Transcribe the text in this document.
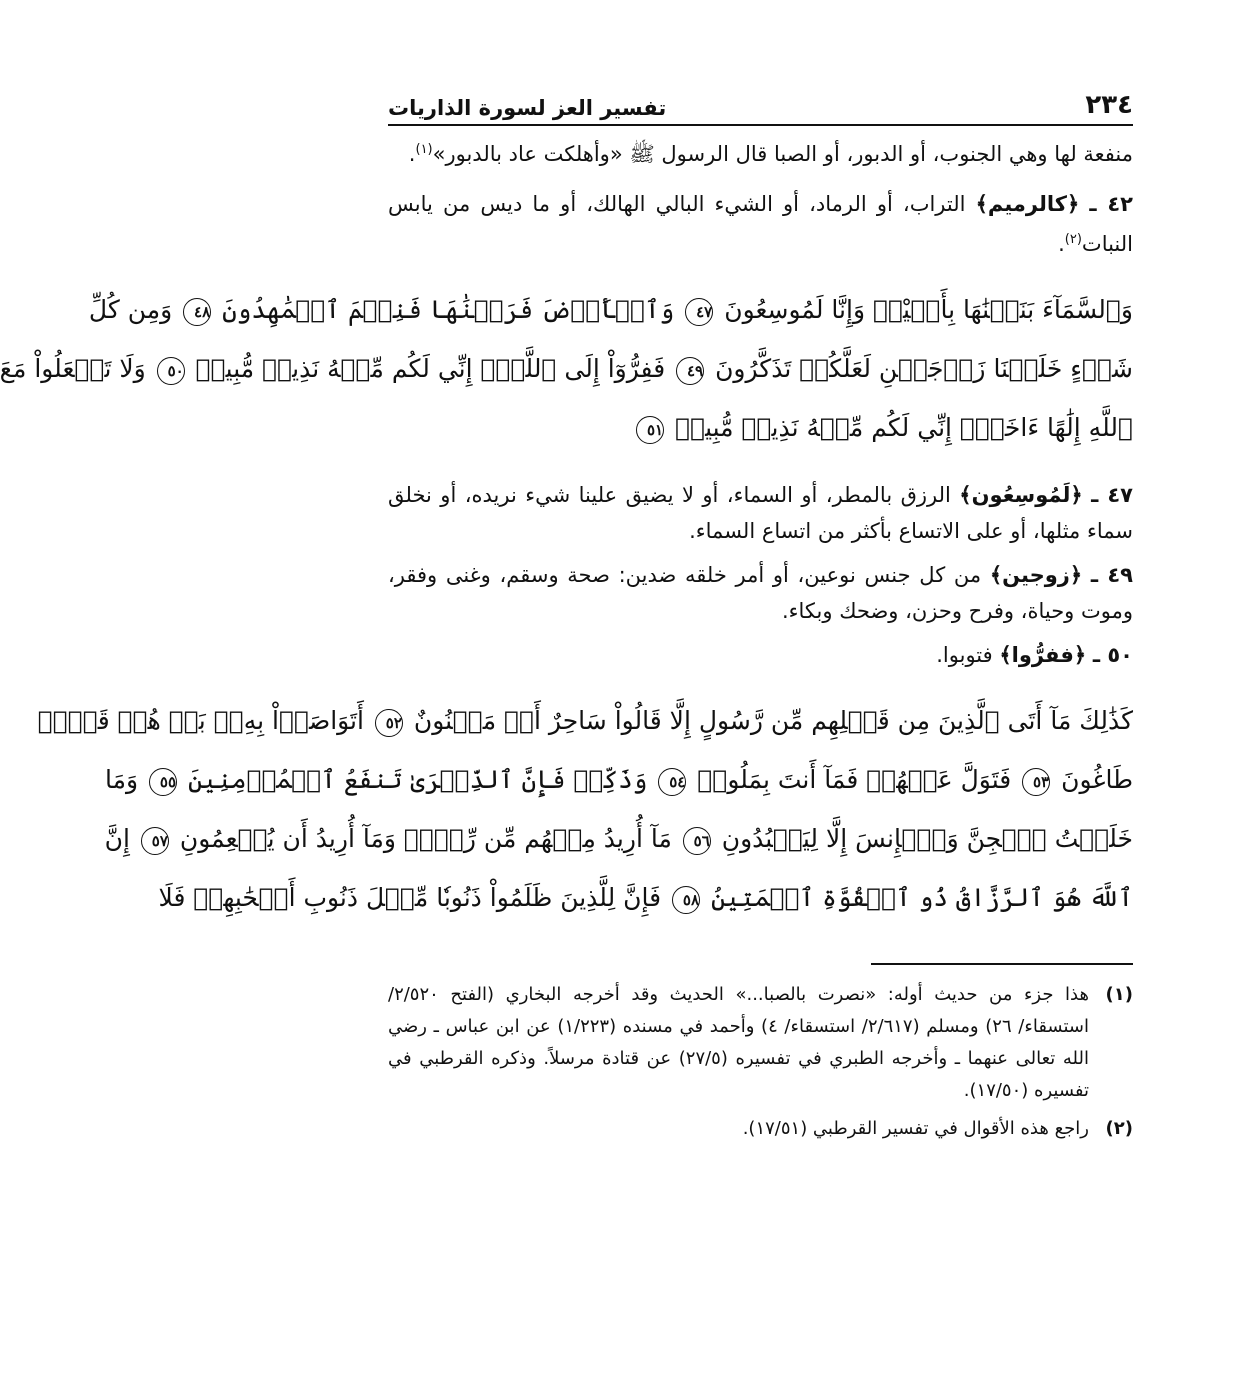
٢٣٤
تفسير العز لسورة الذاريات

منفعة لها وهي الجنوب، أو الدبور، أو الصبا قال الرسول ﷺ «وأهلكت عاد بالدبور»$^{(١)}$.

٤٢ ـ ﴿كالرميم﴾ التراب، أو الرماد، أو الشيء البالي الهالك، أو ما ديس من يابس النبات$^{(٢)}$.

وَٱلسَّمَآءَ بَنَيۡنَٰهَا بِأَيۡيْدٖ وَإِنَّا لَمُوسِعُونَ ٤٧ وَٱلۡأَرۡضَ فَرَشۡنَٰهَا فَنِعۡمَ ٱلۡمَٰهِدُونَ ٤٨ وَمِن كُلِّ
شَيۡءٍ خَلَقۡنَا زَوۡجَيۡنِ لَعَلَّكُمۡ تَذَكَّرُونَ ٤٩ فَفِرُّوٓاْ إِلَى ٱللَّهِۖ إِنِّي لَكُم مِّنۡهُ نَذِيرٞ مُّبِينٞ ٥٠ وَلَا تَجۡعَلُواْ مَعَ
ٱللَّهِ إِلَٰهًا ءَاخَرَۖ إِنِّي لَكُم مِّنۡهُ نَذِيرٞ مُّبِينٞ ٥١

٤٧ ـ ﴿لَمُوسِعُون﴾ الرزق بالمطر، أو السماء، أو لا يضيق علينا شيء نريده، أو نخلق سماء مثلها، أو على الاتساع بأكثر من اتساع السماء.

٤٩ ـ ﴿زوجين﴾ من كل جنس نوعين، أو أمر خلقه ضدين: صحة وسقم، وغنى وفقر، وموت وحياة، وفرح وحزن، وضحك وبكاء.

٥٠ ـ ﴿ففرُّوا﴾ فتوبوا.

كَذَٰلِكَ مَآ أَتَى ٱلَّذِينَ مِن قَبۡلِهِم مِّن رَّسُولٍ إِلَّا قَالُواْ سَاحِرٌ أَوۡ مَجۡنُونٌ ٥٢ أَتَوَاصَوۡاْ بِهِۦۚ بَلۡ هُمۡ قَوۡمٞ
طَاغُونَ ٥٣ فَتَوَلَّ عَنۡهُمۡ فَمَآ أَنتَ بِمَلُومٖ ٥٤ وَذَكِّرۡ فَإِنَّ ٱلذِّكۡرَىٰ تَنفَعُ ٱلۡمُؤۡمِنِينَ ٥٥ وَمَا
خَلَقۡتُ ٱلۡجِنَّ وَٱلۡإِنسَ إِلَّا لِيَعۡبُدُونِ ٥٦ مَآ أُرِيدُ مِنۡهُم مِّن رِّزۡقٖ وَمَآ أُرِيدُ أَن يُطۡعِمُونِ ٥٧ إِنَّ
ٱللَّهَ هُوَ ٱلرَّزَّاقُ ذُو ٱلۡقُوَّةِ ٱلۡمَتِينُ ٥٨ فَإِنَّ لِلَّذِينَ ظَلَمُواْ ذَنُوبٗا مِّثۡلَ ذَنُوبِ أَصۡحَٰبِهِمۡ فَلَا
(١)
هذا جزء من حديث أوله: «نصرت بالصبا...» الحديث وقد أخرجه البخاري (الفتح ٢/٥٢٠/ استسقاء/ ٢٦) ومسلم (٢/٦١٧/ استسقاء/ ٤) وأحمد في مسنده (١/٢٢٣) عن ابن عباس ـ رضي الله تعالى عنهما ـ وأخرجه الطبري في تفسيره (٢٧/٥) عن قتادة مرسلاً. وذكره القرطبي في تفسيره (١٧/٥٠).
(٢)
راجع هذه الأقوال في تفسير القرطبي (١٧/٥١).
